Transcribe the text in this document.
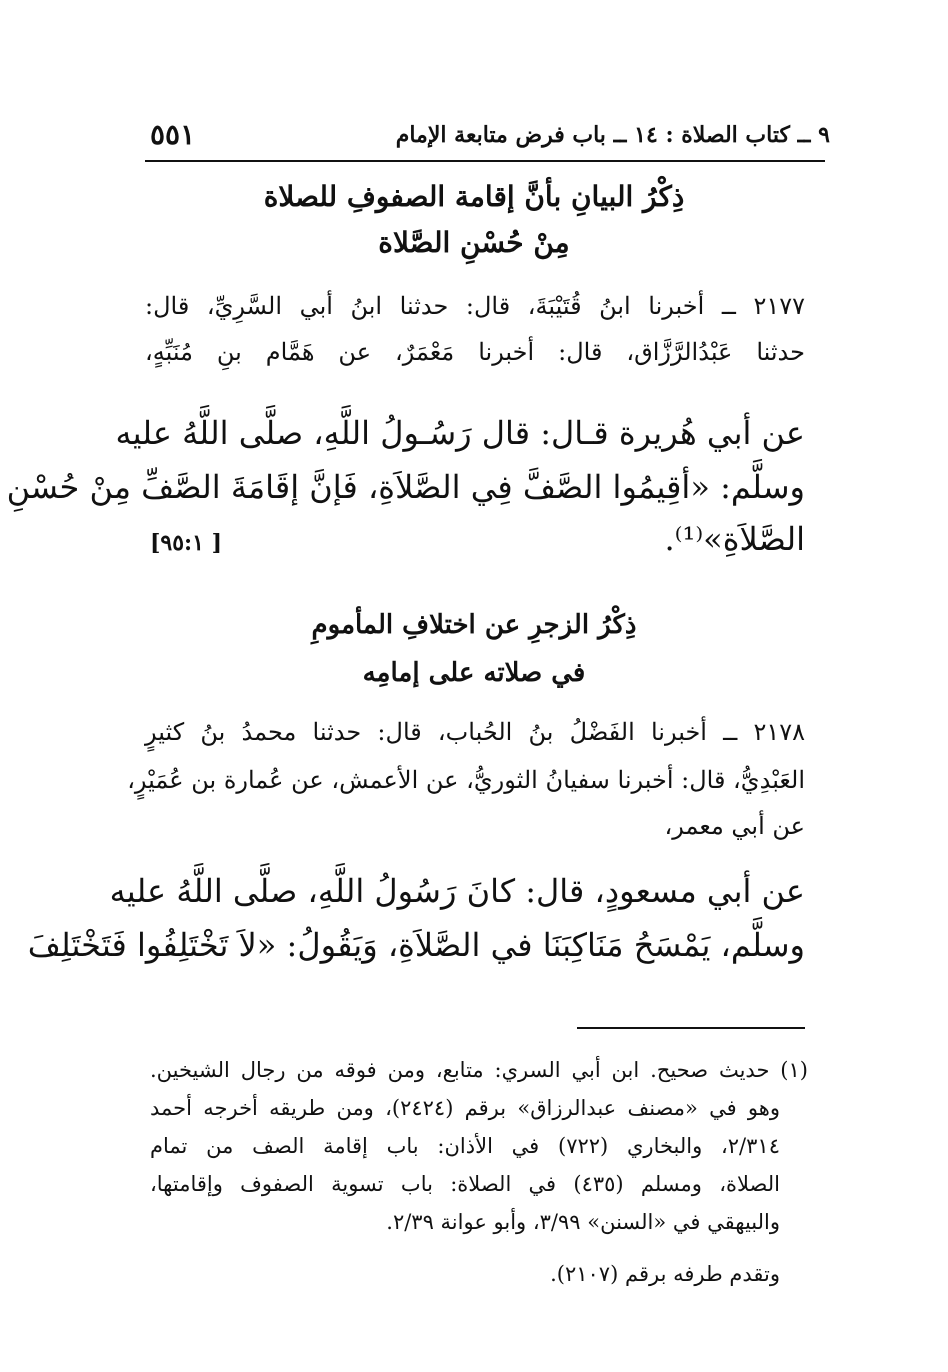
٥٥١	٩ ــ كتاب الصلاة : ١٤ ــ باب فرض متابعة الإمام
ذِكْرُ البيانِ بأنَّ إقامة الصفوفِ للصلاة
مِنْ حُسْنِ الصَّلاة
٢١٧٧ ــ أخبرنا ابنُ قُتَيْبَةَ، قال: حدثنا ابنُ أبي السَّرِيِّ، قال:
حدثنا عَبْدُالرَّزَّاق، قال: أخبرنا مَعْمَرٌ، عن هَمَّام بنِ مُنَبِّهٍ،
عن أبي هُريرة قـال: قال رَسُـولُ اللَّهِ، صلَّى اللَّهُ عليه
وسلَّم: «أقِيمُوا الصَّفَّ فِي الصَّلاَةِ، فَإنَّ إقَامَةَ الصَّفِّ مِنْ حُسْنِ
الصَّلاَةِ»⁽¹⁾.
[٩٥:١ ]
ذِكْرُ الزجرِ عن اختلافِ المأمومِ
في صلاته على إمامِه
٢١٧٨ ــ أخبرنا الفَضْلُ بنُ الحُباب، قال: حدثنا محمدُ بنُ كثيرٍ
العَبْدِيُّ، قال: أخبرنا سفيانُ الثوريُّ، عن الأعمش، عن عُمارة بن عُمَيْرٍ،
عن أبي معمر،
عن أبي مسعودٍ، قال: كانَ رَسُولُ اللَّهِ، صلَّى اللَّهُ عليه
وسلَّم، يَمْسَحُ مَنَاكِبَنَا في الصَّلاَةِ، وَيَقُولُ: «لاَ تَخْتَلِفُوا فَتَخْتَلِفَ
(١) حديث صحيح. ابن أبي السري: متابع، ومن فوقه من رجال الشيخين.
وهو في «مصنف عبدالرزاق» برقم (٢٤٢٤)، ومن طريقه أخرجه أحمد
٢/٣١٤، والبخاري (٧٢٢) في الأذان: باب إقامة الصف من تمام
الصلاة، ومسلم (٤٣٥) في الصلاة: باب تسوية الصفوف وإقامتها،
والبيهقي في «السنن» ٣/٩٩، وأبو عوانة ٢/٣٩.
وتقدم طرفه برقم (٢١٠٧).
